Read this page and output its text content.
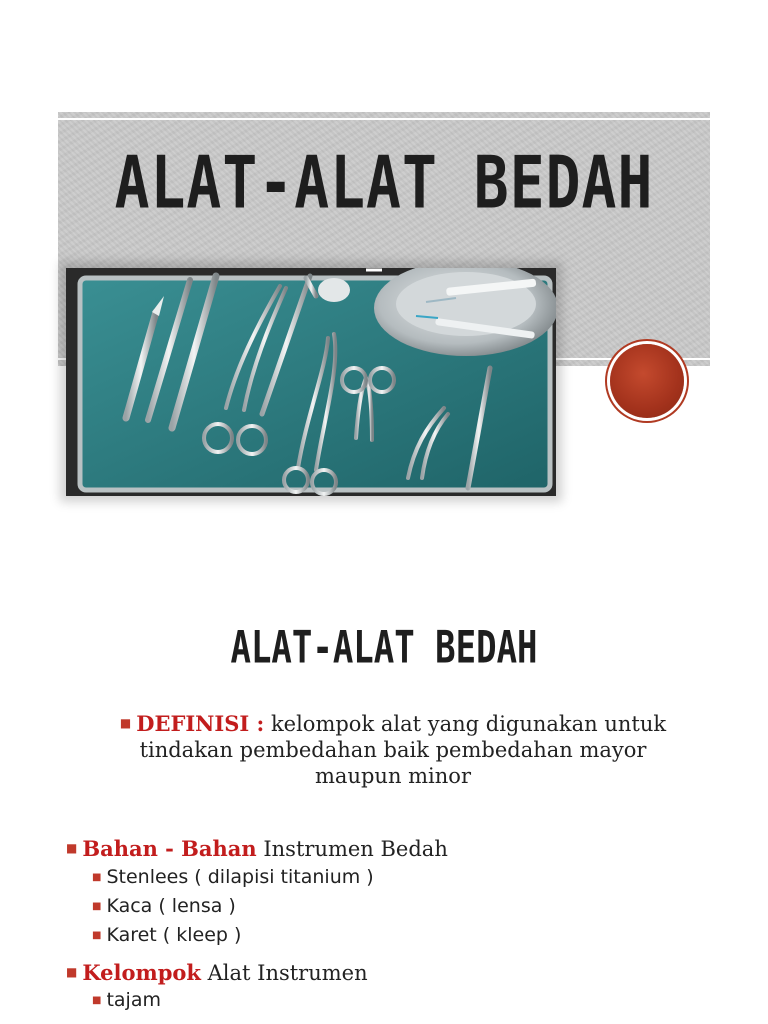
ALAT-ALAT BEDAH
ALAT-ALAT BEDAH
■ DEFINISI : kelompok alat yang digunakan untuk
tindakan pembedahan baik pembedahan mayor
maupun minor
■ Bahan - Bahan Instrumen Bedah
■ Stenlees ( dilapisi titanium )
■ Kaca ( lensa )
■ Karet ( kleep )
■ Kelompok Alat Instrumen
■ tajam
